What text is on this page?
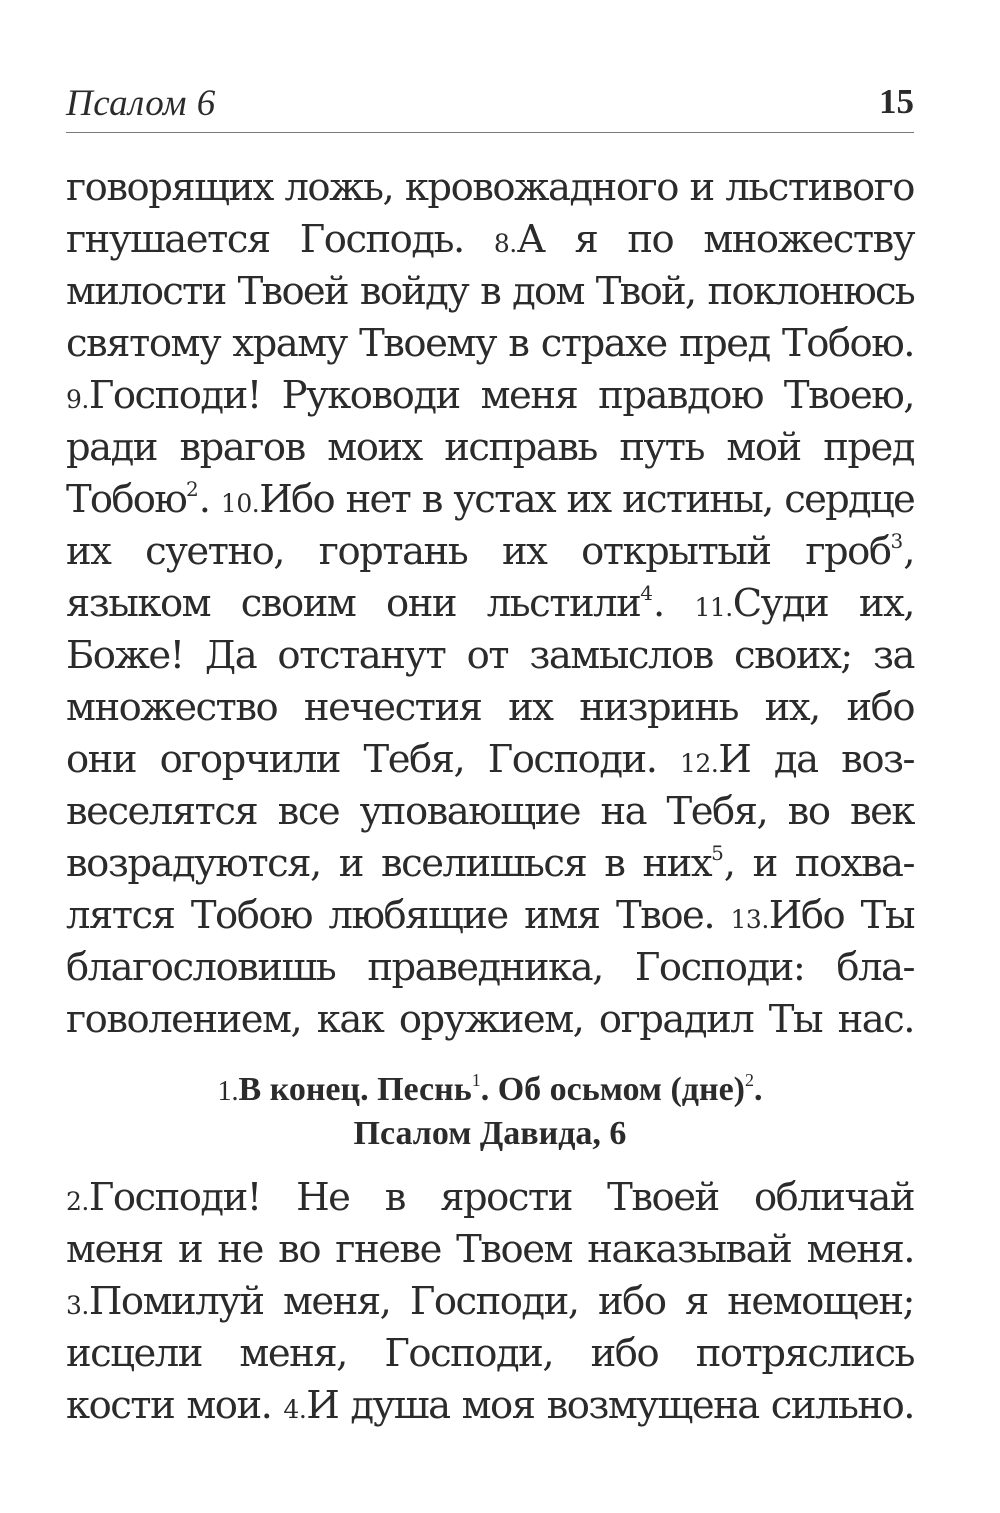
Псалом 6	15
говорящих ложь, кровожадного и льстивого
гнушается Господь. 8.А я по множеству
милости Твоей войду в дом Твой, поклонюсь
святому храму Твоему в страхе пред Тобою.
9.Господи! Руководи меня правдою Твоею,
ради врагов моих исправь путь мой пред
Тобою$^2$. 10.Ибо нет в устах их истины, сердце
их суетно, гортань их открытый гроб$^3$,
языком своим они льстили$^4$. 11.Суди их,
Боже! Да отстанут от замыслов своих; за
множество нечестия их низринь их, ибо
они огорчили Тебя, Господи. 12.И да воз-
веселятся все уповающие на Тебя, во век
возрадуются, и вселишься в них$^5$, и похва-
лятся Тобою любящие имя Твое. 13.Ибо Ты
благословишь праведника, Господи: бла-
говолением, как оружием, оградил Ты нас.
1.В конец. Песнь$^1$. Об осьмом (дне)$^2$.
Псалом Давида, 6
2.Господи! Не в ярости Твоей обличай
меня и не во гневе Твоем наказывай меня.
3.Помилуй меня, Господи, ибо я немощен;
исцели меня, Господи, ибо потряслись
кости мои. 4.И душа моя возмущена сильно.
